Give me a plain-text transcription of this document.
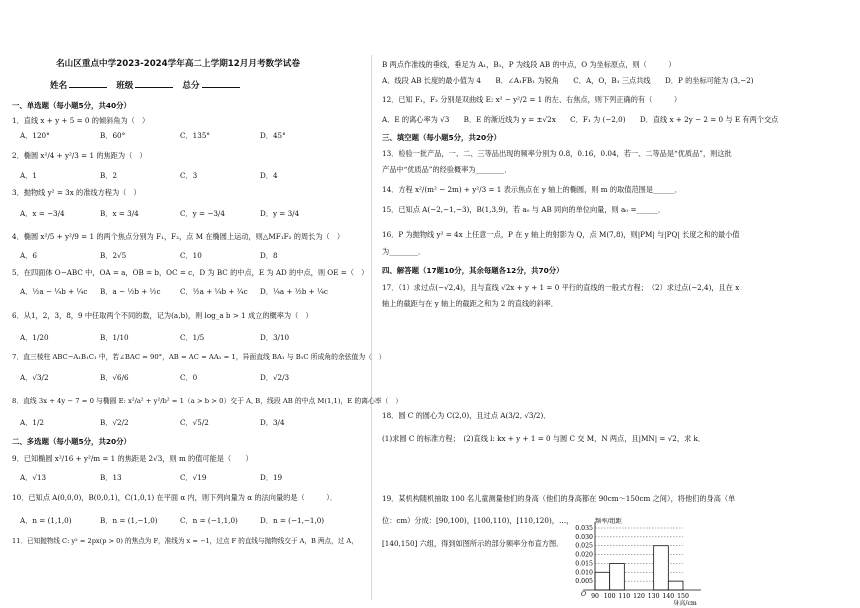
名山区重点中学2023-2024学年高二上学期12月月考数学试卷
姓名	班级	总分
一、单选题（每小题5分，共40分）
1．直线 x + y + 5 = 0 的倾斜角为（　）
A．120°	B．60°	C．135°	D．45°
2．椭圆 x²/4 + y²/3 = 1 的焦距为（　）
A．1	B．2	C．3	D．4
3．抛物线 y² = 3x 的准线方程为（　）
A．x = −3/4	B．x = 3/4	C．y = −3/4	D．y = 3/4
4．椭圆 x²/5 + y²/9 = 1 的两个焦点分别为 F₁，F₂，点 M 在椭圆上运动，则△MF₁F₂ 的周长为（　）
A．6	B．2√5	C．10	D．8
5．在四面体 O−ABC 中，OA = a，OB = b，OC = c，D 为 BC 的中点，E 为 AD 的中点，则 OE =（　）
A．½a − ¼b + ¼c B．a − ½b + ½c	C．½a + ¼b + ¼c D．¼a + ½b + ¼c
6．从1，2，3，8，9 中任取两个不同的数，记为(a,b)，则 log_a b > 1 成立的概率为（　）
A．1/20	B．1/10	C．1/5	D．3/10
7．直三棱柱 ABC−A₁B₁C₁ 中，若∠BAC = 90°，AB = AC = AA₁ = 1，异面直线 BA₁ 与 B₁C 所成角的余弦值为（　）
A．√3/2	B．√6/6	C．0	D．√2/3
8．直线 3x + 4y − 7 = 0 与椭圆 E: x²/a² + y²/b² = 1（a > b > 0）交于 A, B，线段 AB 的中点 M(1,1)，E 的离心率（　）
A．1/2	B．√2/2	C．√5/2	D．3/4
二、多选题（每小题5分，共20分）
9．已知椭圆 x²/16 + y²/m = 1 的焦距是 2√3，则 m 的值可能是（　　）
A．√13	B．13	C．√19	D．19
10．已知点 A(0,0,0)，B(0,0,1)，C(1,0,1) 在平面 α 内，则下列向量为 α 的法向量的是（　　　）．
A．n = (1,1,0)	B．n = (1,−1,0)	C．n = (−1,1,0)	D．n = (−1,−1,0)
11．已知抛物线 C: y² = 2px(p > 0) 的焦点为 F，准线为 x = −1，过点 F 的直线与抛物线交于 A，B 两点，过 A，
B 两点作准线的垂线，垂足为 A₁，B₁，P 为线段 AB 的中点，O 为坐标原点，则（　　　）
A．线段 AB 长度的最小值为 4　　B．∠A₁FB₁ 为锐角　　C．A，O，B₁ 三点共线　　D．P 的坐标可能为 (3,−2)
12．已知 F₁，F₂ 分别是双曲线 E: x² − y²/2 = 1 的左、右焦点，则下列正确的有（　　　）
A．E 的离心率为 √3　　B．E 的渐近线为 y = ±√2x　　C．F₁ 为 (−2,0)　　D．直线 x + 2y − 2 = 0 与 E 有两个交点
三、填空题（每小题5分，共20分）
13．检验一批产品，一、二、三等品出现的频率分别为 0.8，0.16，0.04，若一、二等品是“优质品”，则这批
产品中“优质品”的经验概率为________．
14．方程 x²/(m² − 2m) + y²/3 = 1 表示焦点在 y 轴上的椭圆，则 m 的取值范围是______．
15．已知点 A(−2,−1,−3)，B(1,3,9)，若 a₀ 与 AB 同向的单位向量，则 a₀ =______．
16．P 为抛物线 y² = 4x 上任意一点，P 在 y 轴上的射影为 Q，点 M(7,8)，则|PM| 与|PQ| 长度之和的最小值
为________．
四、解答题（17题10分，其余每题各12分，共70分）
17．（1）求过点(−√2,4)，且与直线 √2x + y + 1 = 0 平行的直线的一般式方程；　（2）求过点(−2,4)，且在 x
轴上的截距与在 y 轴上的截距之和为 2 的直线的斜率．
18．圆 C 的圆心为 C(2,0)，且过点 A(3/2, √3/2)．
(1)求圆 C 的标准方程；　(2)直线 l: kx + y + 1 = 0 与圆 C 交 M，N 两点，且|MN| = √2，求 k．
19．某机构随机抽取 100 名儿童测量他们的身高（他们的身高都在 90cm～150cm 之间），将他们的身高（单
位：cm）分成：[90,100)，[100,110)，[110,120)，…，
[140,150] 六组，得到如图所示的部分频率分布直方图．
频率/组距
0.005
0.010
0.015
0.020
0.025
0.030
0.035
90 100 110 120 130 140 150
O
身高/cm
